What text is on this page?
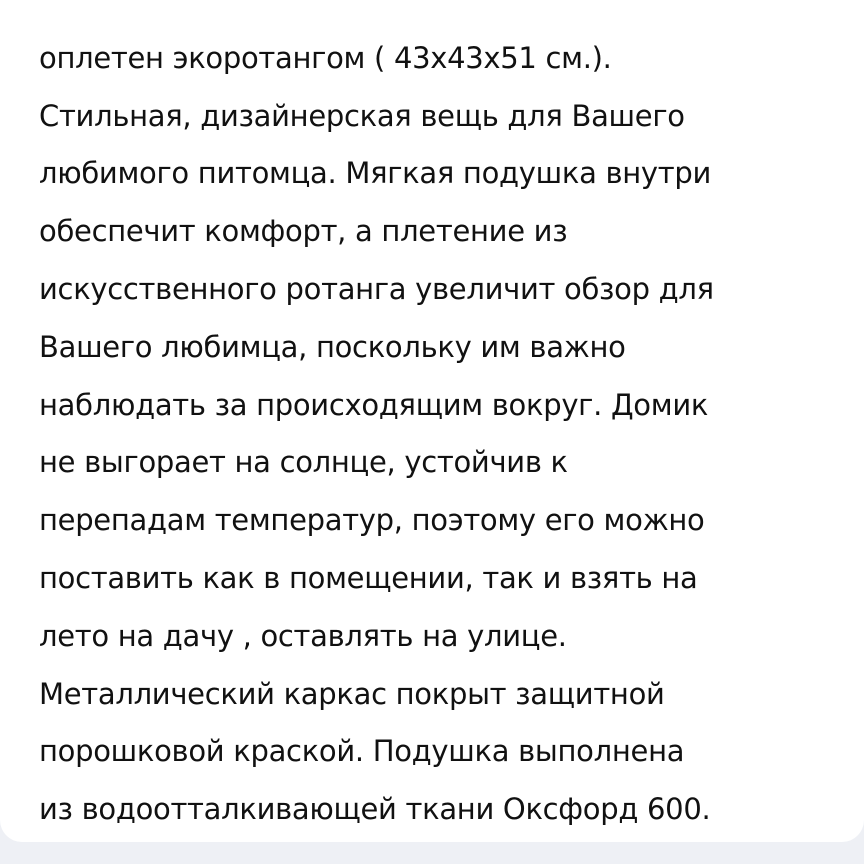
оплетен экоротангом ( 43x43x51 см.).
Стильная, дизайнерская вещь для Вашего
любимого питомца. Мягкая подушка внутри
обеспечит комфорт, а плетение из
искусственного ротанга увеличит обзор для
Вашего любимца, поскольку им важно
наблюдать за происходящим вокруг. Домик
не выгорает на солнце, устойчив к
перепадам температур, поэтому его можно
поставить как в помещении, так и взять на
лето на дачу , оставлять на улице.
Металлический каркас покрыт защитной
порошковой краской. Подушка выполнена
из водоотталкивающей ткани Оксфорд 600.
